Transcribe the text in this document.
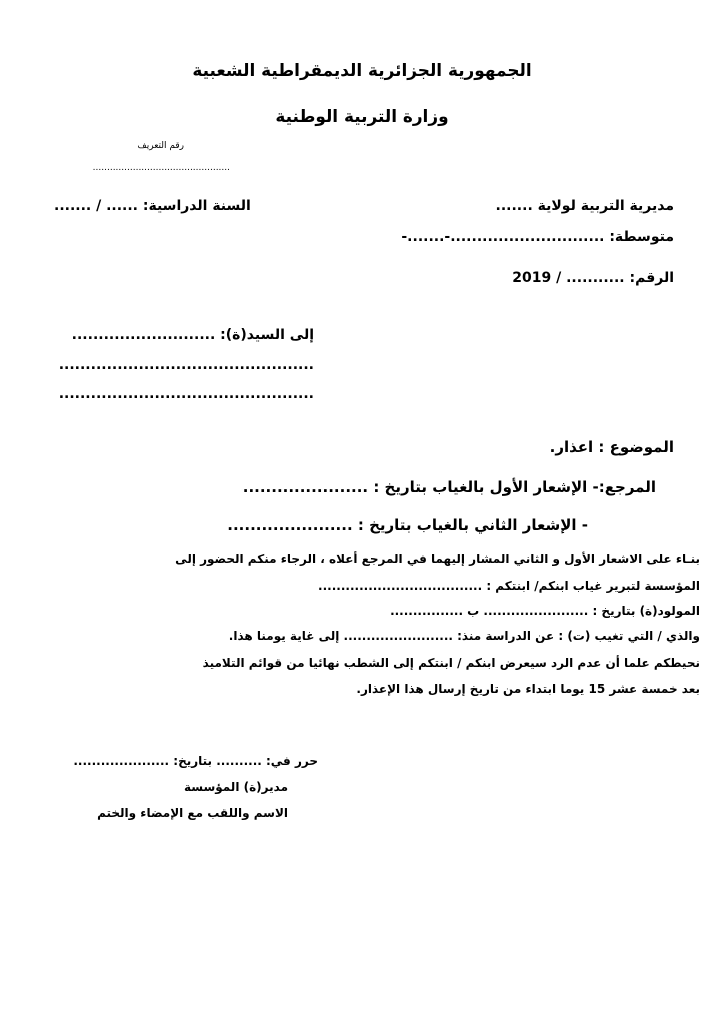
الجمهورية الجزائرية الديمقراطية الشعبية
وزارة التربية الوطنية
رقم التعريف
................................................
السنة الدراسية: ...... / .......	مديرية التربية لولاية .......
متوسطة: .............................-.......-
الرقم: ........... / 2019
إلى السيد(ة): ...........................
................................................
................................................
الموضوع : اعذار.
المرجع:- الإشعار الأول بالغياب بتاريخ : ......................
- الإشعار الثاني بالغياب بتاريخ : ......................
بنـاء على الاشعار الأول و الثاني المشار إليهما في المرجع أعلاه ، الرجاء منكم الحضور إلى
المؤسسة لتبرير غياب ابنكم/ ابنتكم : ....................................
المولود(ة) بتاريخ : ....................... ب ................
والذي / التي تغيب (ت) : عن الدراسة منذ: ........................ إلى غاية يومنا هذا.
نحيطكم علما أن عدم الرد سيعرض ابنكم / ابنتكم إلى الشطب نهائيا من قوائم التلاميذ
بعد خمسة عشر 15 يوما ابتداء من تاريخ إرسال هذا الإعذار.
حرر في: .......... بتاريخ: .....................
مدير(ة) المؤسسة
الاسم واللقب مع الإمضاء والختم
